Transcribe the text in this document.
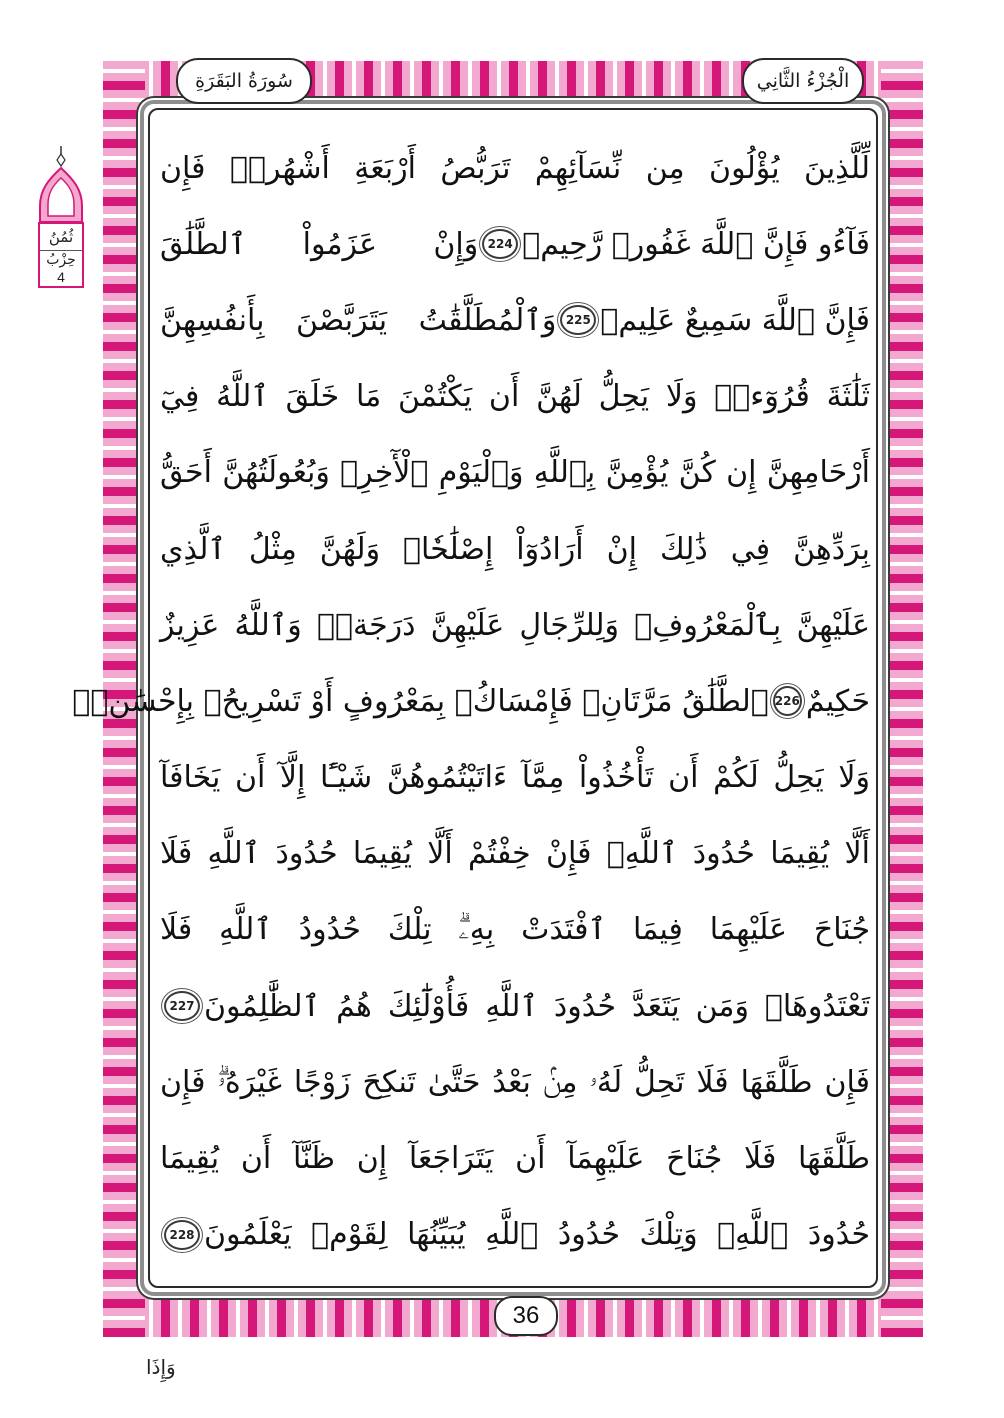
سُورَةُ البَقَرَةِ	الْجُزْءُ الثَّانِي
ثُمُنُ
حِزْبُ
4
لِّلَّذِينَ يُؤْلُونَ مِن نِّسَآئِهِمْ تَرَبُّصُ أَرْبَعَةِ أَشْهُرٖۖ فَإِن
فَآءُو فَإِنَّ ٱللَّهَ غَفُورٞ رَّحِيمٞ
224
وَإِنْ عَزَمُواْ ٱلطَّلَٰقَ
فَإِنَّ ٱللَّهَ سَمِيعٌ عَلِيمٞ
225
وَٱلْمُطَلَّقَٰتُ يَتَرَبَّصْنَ بِأَنفُسِهِنَّ
ثَلَٰثَةَ قُرُوٓءٖۚ وَلَا يَحِلُّ لَهُنَّ أَن يَكْتُمْنَ مَا خَلَقَ ٱللَّهُ فِيٓ
أَرْحَامِهِنَّ إِن كُنَّ يُؤْمِنَّ بِٱللَّهِ وَٱلْيَوْمِ ٱلْأٓخِرِۚ وَبُعُولَتُهُنَّ أَحَقُّ
بِرَدِّهِنَّ فِي ذَٰلِكَ إِنْ أَرَادُوٓاْ إِصْلَٰحٗاۚ وَلَهُنَّ مِثْلُ ٱلَّذِي
عَلَيْهِنَّ بِٱلْمَعْرُوفِۚ وَلِلرِّجَالِ عَلَيْهِنَّ دَرَجَةٞۗ وَٱللَّهُ عَزِيزٌ
حَكِيمٌ
226
ٱلطَّلَٰقُ مَرَّتَانِۖ فَإِمْسَاكُۢ بِمَعْرُوفٍ أَوْ تَسْرِيحُۢ بِإِحْسَٰنٖۗ
وَلَا يَحِلُّ لَكُمْ أَن تَأْخُذُواْ مِمَّآ ءَاتَيْتُمُوهُنَّ شَيْـًٔا إِلَّآ أَن يَخَافَآ
أَلَّا يُقِيمَا حُدُودَ ٱللَّهِۖ فَإِنْ خِفْتُمْ أَلَّا يُقِيمَا حُدُودَ ٱللَّهِ فَلَا
جُنَاحَ عَلَيْهِمَا فِيمَا ٱفْتَدَتْ بِهِۦۗ تِلْكَ حُدُودُ ٱللَّهِ فَلَا
تَعْتَدُوهَاۚ وَمَن يَتَعَدَّ حُدُودَ ٱللَّهِ فَأُوْلَٰٓئِكَ هُمُ ٱلظَّٰلِمُونَ
227
فَإِن طَلَّقَهَا فَلَا تَحِلُّ لَهُۥ مِنۢ بَعْدُ حَتَّىٰ تَنكِحَ زَوْجًا غَيْرَهُۥۗ فَإِن
طَلَّقَهَا فَلَا جُنَاحَ عَلَيْهِمَآ أَن يَتَرَاجَعَآ إِن ظَنَّآ أَن يُقِيمَا
حُدُودَ ٱللَّهِۗ وَتِلْكَ حُدُودُ ٱللَّهِ يُبَيِّنُهَا لِقَوْمٖ يَعْلَمُونَ
228
36
وَإِذَا
